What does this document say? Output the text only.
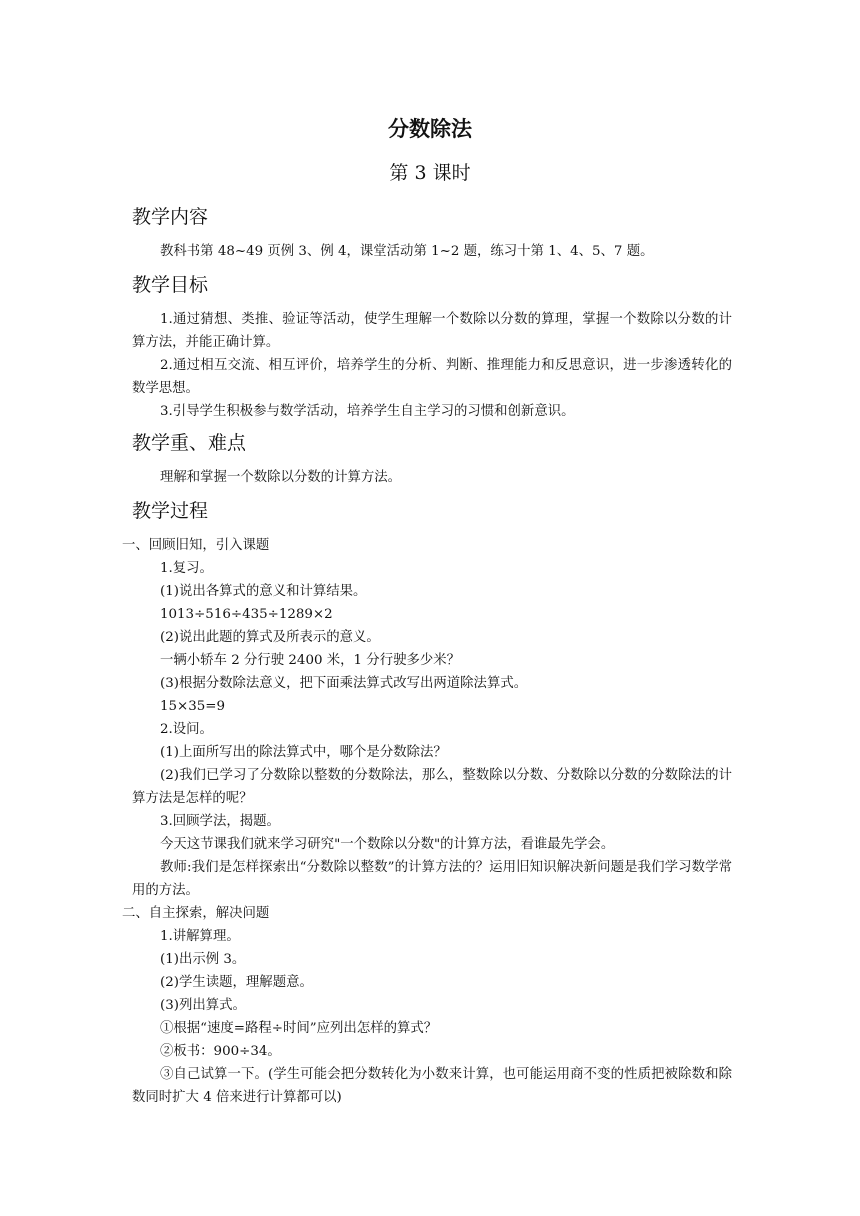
分数除法
第 3 课时
教学内容
教科书第 48~49 页例 3、例 4，课堂活动第 1~2 题，练习十第 1、4、5、7 题。
教学目标
1.通过猜想、类推、验证等活动，使学生理解一个数除以分数的算理，掌握一个数除以分数的计算方法，并能正确计算。
2.通过相互交流、相互评价，培养学生的分析、判断、推理能力和反思意识，进一步渗透转化的数学思想。
3.引导学生积极参与数学活动，培养学生自主学习的习惯和创新意识。
教学重、难点
理解和掌握一个数除以分数的计算方法。
教学过程
一、回顾旧知，引入课题
1.复习。
(1)说出各算式的意义和计算结果。
1013÷516÷435÷1289×2
(2)说出此题的算式及所表示的意义。
一辆小轿车 2 分行驶 2400 米，1 分行驶多少米？
(3)根据分数除法意义，把下面乘法算式改写出两道除法算式。
15×35=9
2.设问。
(1)上面所写出的除法算式中，哪个是分数除法？
(2)我们已学习了分数除以整数的分数除法，那么，整数除以分数、分数除以分数的分数除法的计算方法是怎样的呢？
3.回顾学法，揭题。
今天这节课我们就来学习研究"一个数除以分数"的计算方法，看谁最先学会。
教师:我们是怎样探索出“分数除以整数”的计算方法的？运用旧知识解决新问题是我们学习数学常用的方法。
二、自主探索，解决问题
1.讲解算理。
(1)出示例 3。
(2)学生读题，理解题意。
(3)列出算式。
①根据“速度=路程÷时间”应列出怎样的算式？
②板书：900÷34。
③自己试算一下。(学生可能会把分数转化为小数来计算，也可能运用商不变的性质把被除数和除数同时扩大 4 倍来进行计算都可以)
